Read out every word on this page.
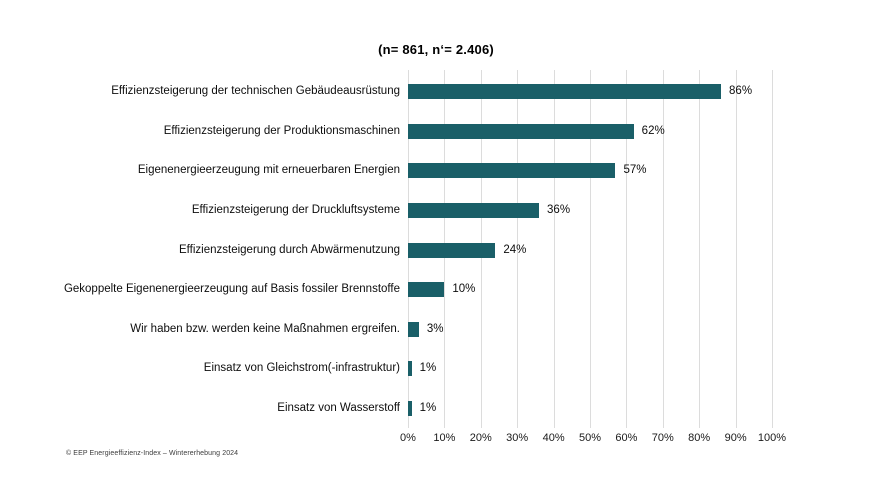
(n= 861, n‘= 2.406)
Effizienzsteigerung der technischen Gebäudeausrüstung	86%
Effizienzsteigerung der Produktionsmaschinen	62%
Eigenenergieerzeugung mit erneuerbaren Energien	57%
Effizienzsteigerung der Druckluftsysteme	36%
Effizienzsteigerung durch Abwärmenutzung	24%
Gekoppelte Eigenenergieerzeugung auf Basis fossiler Brennstoffe	10%
Wir haben bzw. werden keine Maßnahmen ergreifen. 3%
Einsatz von Gleichstrom(-infrastruktur) 1%
Einsatz von Wasserstoff 1%
0%	10%	20%	30%	40%	50%	60%	70%	80%	90%	100%
© EEP Energieeffizienz-Index – Wintererhebung 2024
